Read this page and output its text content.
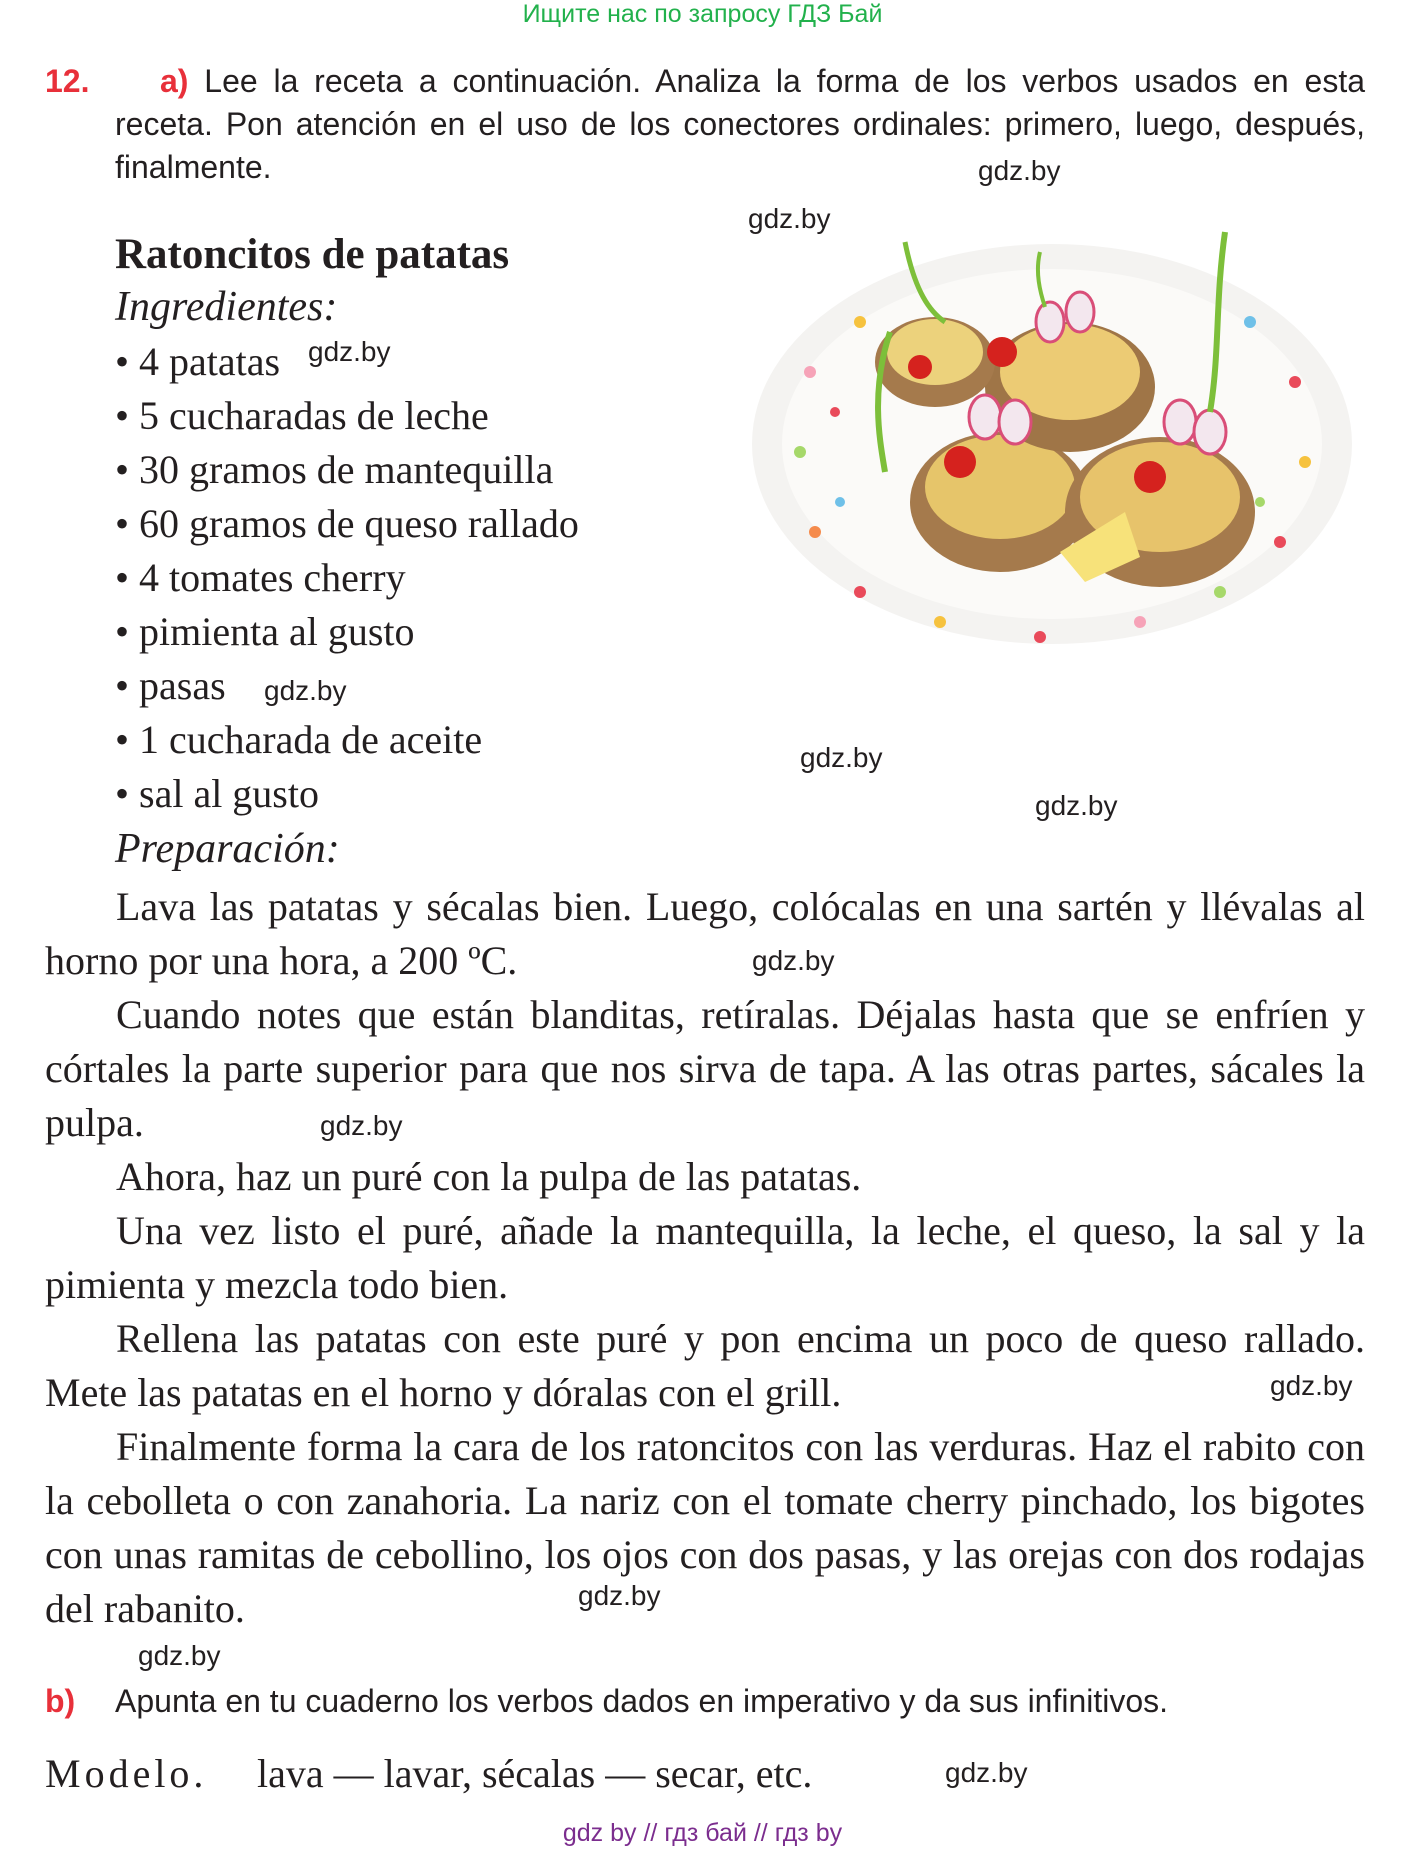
Ищите нас по запросу ГДЗ Бай
a) Lee la receta a continuación. Analiza la forma de los verbos usados en esta receta. Pon atención en el uso de los conectores ordinales: primero, luego, después, finalmente.
12.
Ratoncitos de patatas
Ingredientes:
• 4 patatas
• 5 cucharadas de leche
• 30 gramos de mantequilla
• 60 gramos de queso rallado
• 4 tomates cherry
• pimienta al gusto
• pasas
• 1 cucharada de aceite
• sal al gusto
Preparación:

Lava las patatas y sécalas bien. Luego, colócalas en una sartén y llévalas al horno por una hora, a 200 ºC.

Cuando notes que están blanditas, retíralas. Déjalas hasta que se enfríen y córtales la parte superior para que nos sirva de tapa. A las otras partes, sácales la pulpa.

Ahora, haz un puré con la pulpa de las patatas.

Una vez listo el puré, añade la mantequilla, la leche, el queso, la sal y la pimienta y mezcla todo bien.

Rellena las patatas con este puré y pon encima un poco de queso rallado. Mete las patatas en el horno y dóralas con el grill.

Finalmente forma la cara de los ratoncitos con las verduras. Haz el rabito con la cebolleta o con zanahoria. La nariz con el tomate cherry pinchado, los bigotes con unas ramitas de cebollino, los ojos con dos pasas, y las orejas con dos rodajas del rabanito.

b) Apunta en tu cuaderno los verbos dados en imperativo y da sus infinitivos.
Modelo. lava — lavar, sécalas — secar, etc.
gdz.by
gdz.by
gdz.by
gdz.by
gdz.by
gdz.by
gdz.by
gdz.by
gdz.by
gdz.by
gdz.by
gdz.by
gdz by // гдз бай // гдз by
